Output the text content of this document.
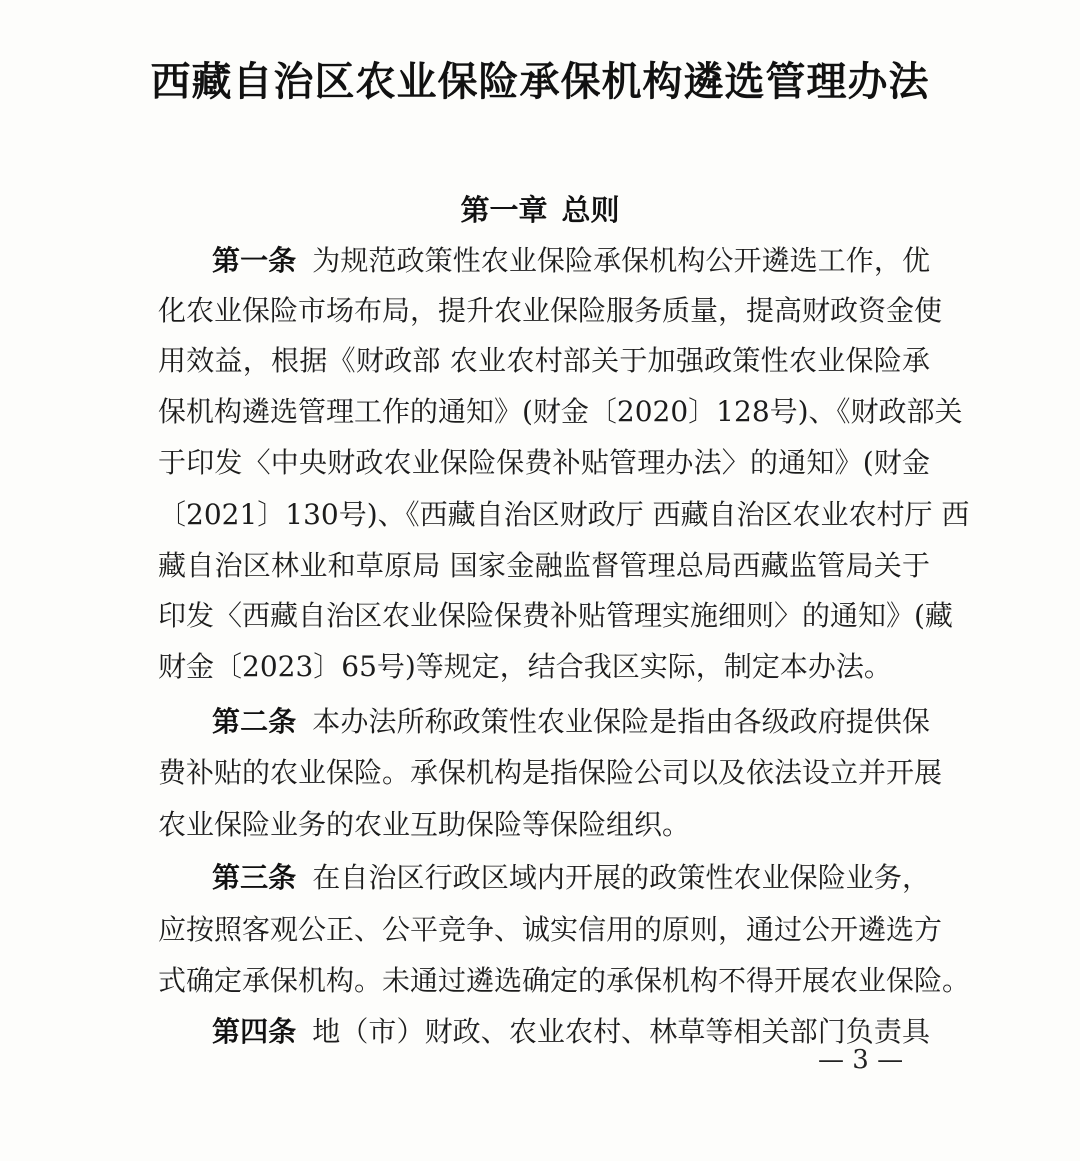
西藏自治区农业保险承保机构遴选管理办法
第一章 总则
第一条 为规范政策性农业保险承保机构公开遴选工作，优
化农业保险市场布局，提升农业保险服务质量，提高财政资金使
用效益，根据《财政部 农业农村部关于加强政策性农业保险承
保机构遴选管理工作的通知》(财金〔2020〕128号)、《财政部关
于印发〈中央财政农业保险保费补贴管理办法〉的通知》(财金
〔2021〕130号)、《西藏自治区财政厅 西藏自治区农业农村厅 西
藏自治区林业和草原局 国家金融监督管理总局西藏监管局关于
印发〈西藏自治区农业保险保费补贴管理实施细则〉的通知》(藏
财金〔2023〕65号)等规定，结合我区实际，制定本办法。
第二条 本办法所称政策性农业保险是指由各级政府提供保
费补贴的农业保险。承保机构是指保险公司以及依法设立并开展
农业保险业务的农业互助保险等保险组织。
第三条 在自治区行政区域内开展的政策性农业保险业务，
应按照客观公正、公平竞争、诚实信用的原则，通过公开遴选方
式确定承保机构。未通过遴选确定的承保机构不得开展农业保险。
第四条 地（市）财政、农业农村、林草等相关部门负责具
— 3 —
